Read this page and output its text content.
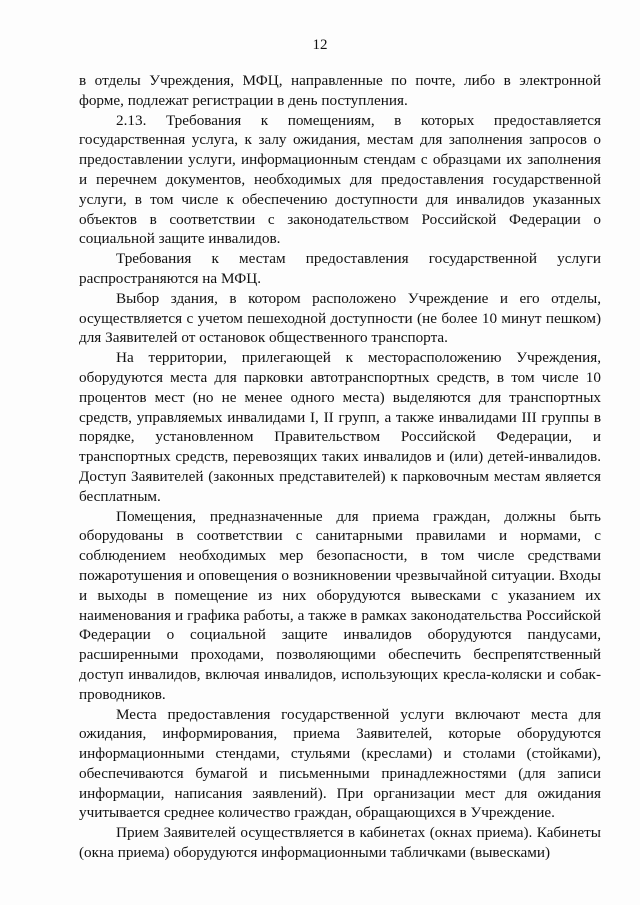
12

в отделы Учреждения, МФЦ, направленные по почте, либо в электронной форме, подлежат регистрации в день поступления.

2.13. Требования к помещениям, в которых предоставляется государственная услуга, к залу ожидания, местам для заполнения запросов о предоставлении услуги, информационным стендам с образцами их заполнения и перечнем документов, необходимых для предоставления государственной услуги, в том числе к обеспечению доступности для инвалидов указанных объектов в соответствии с законодательством Российской Федерации о социальной защите инвалидов.

Требования к местам предоставления государственной услуги распространяются на МФЦ.

Выбор здания, в котором расположено Учреждение и его отделы, осуществляется с учетом пешеходной доступности (не более 10 минут пешком) для Заявителей от остановок общественного транспорта.

На территории, прилегающей к месторасположению Учреждения, оборудуются места для парковки автотранспортных средств, в том числе 10 процентов мест (но не менее одного места) выделяются для транспортных средств, управляемых инвалидами I, II групп, а также инвалидами III группы в порядке, установленном Правительством Российской Федерации, и транспортных средств, перевозящих таких инвалидов и (или) детей-инвалидов. Доступ Заявителей (законных представителей) к парковочным местам является бесплатным.

Помещения, предназначенные для приема граждан, должны быть оборудованы в соответствии с санитарными правилами и нормами, с соблюдением необходимых мер безопасности, в том числе средствами пожаротушения и оповещения о возникновении чрезвычайной ситуации. Входы и выходы в помещение из них оборудуются вывесками с указанием их наименования и графика работы, а также в рамках законодательства Российской Федерации о социальной защите инвалидов оборудуются пандусами, расширенными проходами, позволяющими обеспечить беспрепятственный доступ инвалидов, включая инвалидов, использующих кресла-коляски и собак-проводников.

Места предоставления государственной услуги включают места для ожидания, информирования, приема Заявителей, которые оборудуются информационными стендами, стульями (креслами) и столами (стойками), обеспечиваются бумагой и письменными принадлежностями (для записи информации, написания заявлений). При организации мест для ожидания учитывается среднее количество граждан, обращающихся в Учреждение.

Прием Заявителей осуществляется в кабинетах (окнах приема). Кабинеты (окна приема) оборудуются информационными табличками (вывесками)
